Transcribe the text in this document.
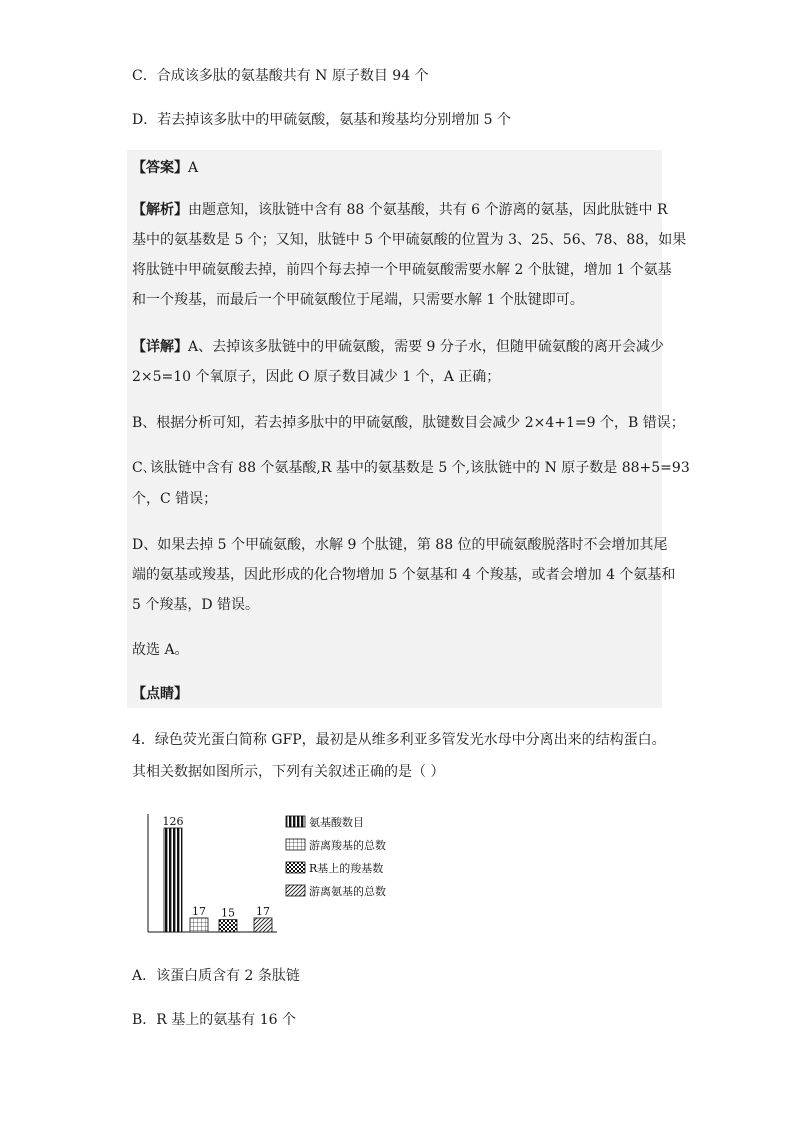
C．合成该多肽的氨基酸共有 N 原子数目 94 个
D．若去掉该多肽中的甲硫氨酸，氨基和羧基均分别增加 5 个
【答案】A
【解析】由题意知，该肽链中含有 88 个氨基酸，共有 6 个游离的氨基，因此肽链中 R
基中的氨基数是 5 个；又知，肽链中 5 个甲硫氨酸的位置为 3、25、56、78、88，如果
将肽链中甲硫氨酸去掉，前四个每去掉一个甲硫氨酸需要水解 2 个肽键，增加 1 个氨基
和一个羧基，而最后一个甲硫氨酸位于尾端，只需要水解 1 个肽键即可。
【详解】A、去掉该多肽链中的甲硫氨酸，需要 9 分子水，但随甲硫氨酸的离开会减少
2×5=10 个氧原子，因此 O 原子数目减少 1 个，A 正确；
B、根据分析可知，若去掉多肽中的甲硫氨酸，肽键数目会减少 2×4+1=9 个，B 错误；
C､该肽链中含有 88 个氨基酸,R 基中的氨基数是 5 个,该肽链中的 N 原子数是 88+5=93
个，C 错误；
D、如果去掉 5 个甲硫氨酸，水解 9 个肽键，第 88 位的甲硫氨酸脱落时不会增加其尾
端的氨基或羧基，因此形成的化合物增加 5 个氨基和 4 个羧基，或者会增加 4 个氨基和
5 个羧基，D 错误。
故选 A。
【点睛】
4．绿色荧光蛋白简称 GFP，最初是从维多利亚多管发光水母中分离出来的结构蛋白。
其相关数据如图所示，下列有关叙述正确的是（ ）
126
17 15 17
氨基酸数目
游离羧基的总数
R基上的羧基数
游离氨基的总数
A．该蛋白质含有 2 条肽链
B．R 基上的氨基有 16 个
